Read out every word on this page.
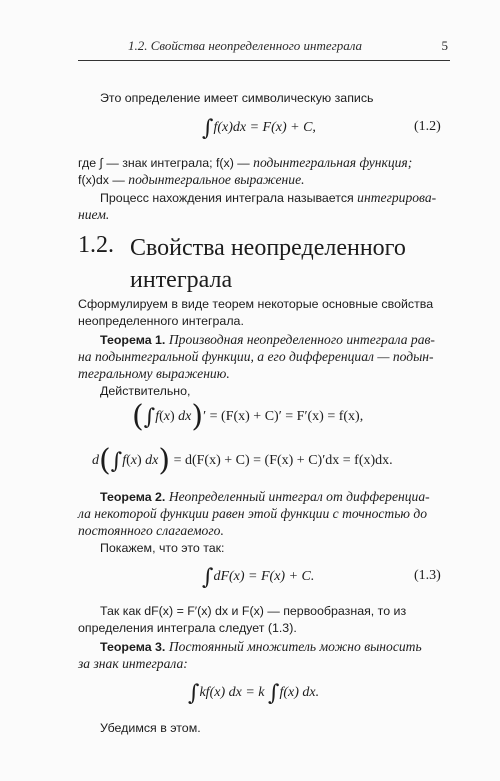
1.2. Свойства неопределенного интеграла	5
Это определение имеет символическую запись
∫f(x)dx = F(x) + C,	(1.2)
где ∫ — знак интеграла; f(x) — подынтегральная функция;
f(x)dx — подынтегральное выражение.
Процесс нахождения интеграла называется интегрирова-
нием.
1.2. Свойства неопределенного интеграла
Сформулируем в виде теорем некоторые основные свойства
неопределенного интеграла.
Теорема 1. Производная неопределенного интеграла рав-
на подынтегральной функции, а его дифференциал — подын-
тегральному выражению.
Действительно,
(∫f(x) dx)′ = (F(x) + C)′ = F′(x) = f(x),
d(∫f(x) dx) = d(F(x) + C) = (F(x) + C)′dx = f(x)dx.
Теорема 2. Неопределенный интеграл от дифференциа-
ла некоторой функции равен этой функции с точностью до
постоянного слагаемого.
Покажем, что это так:
∫dF(x) = F(x) + C.	(1.3)
Так как dF(x) = F′(x) dx и F(x) — первообразная, то из
определения интеграла следует (1.3).
Теорема 3. Постоянный множитель можно выносить
за знак интеграла:
∫kf(x) dx = k ∫f(x) dx.
Убедимся в этом.
